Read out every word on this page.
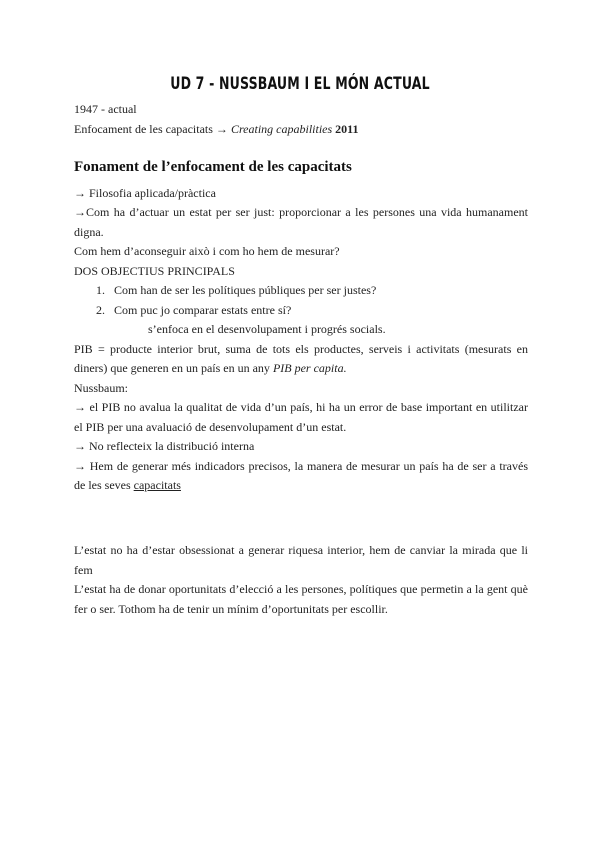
UD 7 - NUSSBAUM I EL MÓN ACTUAL

1947 - actual

Enfocament de les capacitats → Creating capabilities 2011

Fonament de l’enfocament de les capacitats

→ Filosofia aplicada/pràctica

→Com ha d’actuar un estat per ser just: proporcionar a les persones una vida humanament digna.

Com hem d’aconseguir això i com ho hem de mesurar?

DOS OBJECTIUS PRINCIPALS

1. Com han de ser les polítiques públiques per ser justes?
2. Com puc jo comparar estats entre sí?

s’enfoca en el desenvolupament i progrés socials.

PIB = producte interior brut, suma de tots els productes, serveis i activitats (mesurats en diners) que generen en un país en un any PIB per capita.

Nussbaum:

→ el PIB no avalua la qualitat de vida d’un país, hi ha un error de base important en utilitzar el PIB per una avaluació de desenvolupament d’un estat.

→ No reflecteix la distribució interna

→ Hem de generar més indicadors precisos, la manera de mesurar un país ha de ser a través de les seves capacitats

L’estat no ha d’estar obsessionat a generar riquesa interior, hem de canviar la mirada que li fem

L’estat ha de donar oportunitats d’elecció a les persones, polítiques que permetin a la gent què fer o ser. Tothom ha de tenir un mínim d’oportunitats per escollir.
